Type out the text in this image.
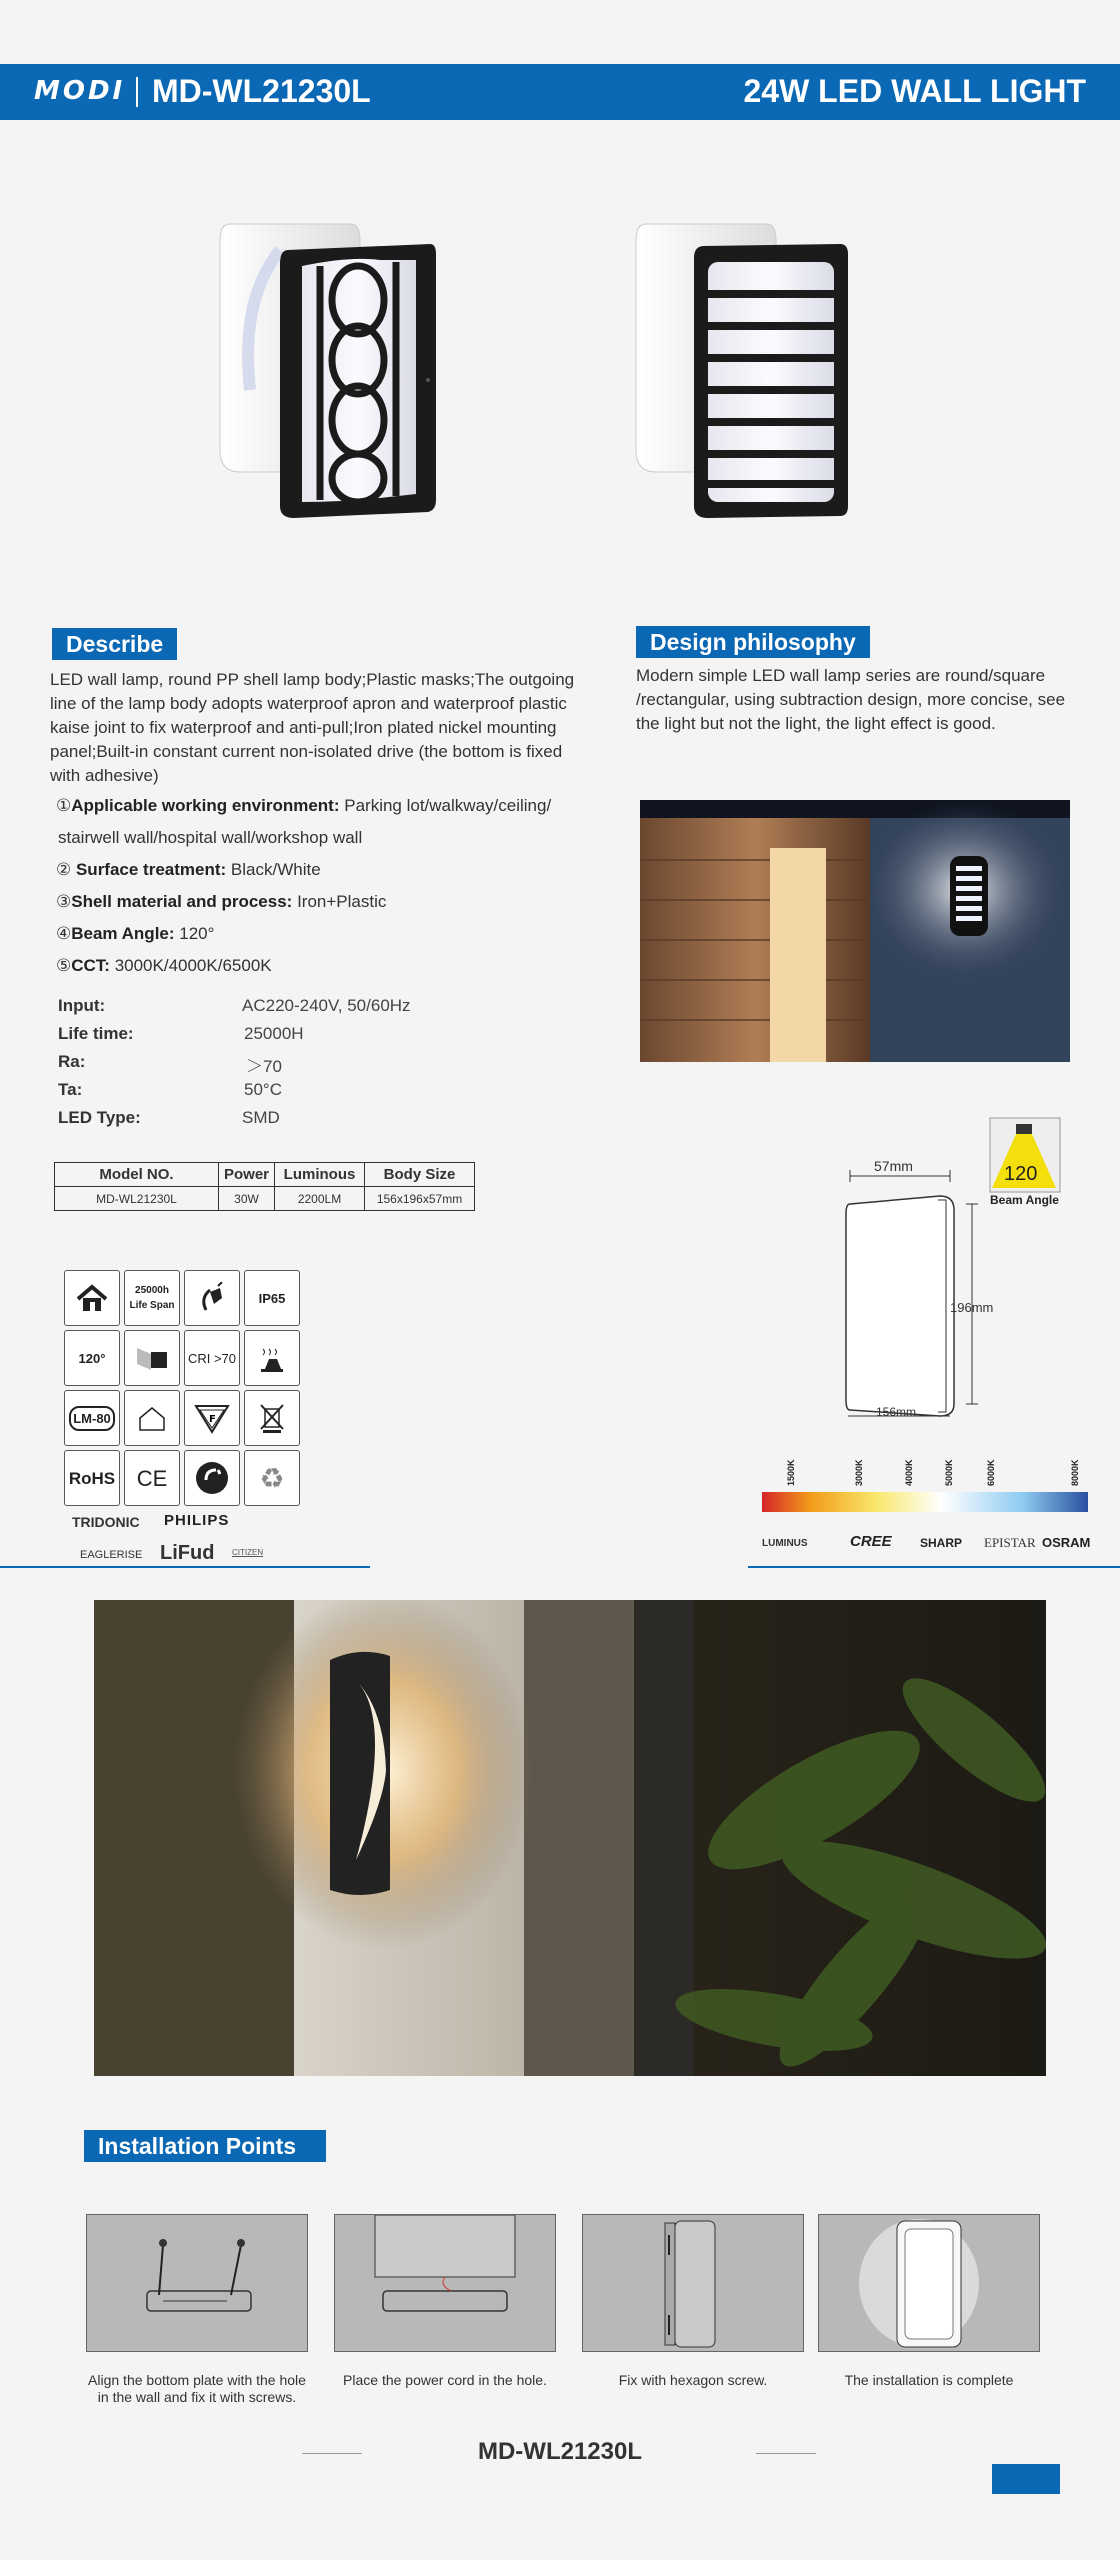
MODI MD-WL21230L	24W LED WALL LIGHT
Describe
LED wall lamp, round PP shell lamp body;Plastic masks;The outgoing line of the lamp body adopts waterproof apron and waterproof plastic kaise joint to fix waterproof and anti-pull;Iron plated nickel mounting panel;Built-in constant current non-isolated drive (the bottom is fixed with adhesive)
①Applicable working environment: Parking lot/walkway/ceiling/
stairwell wall/hospital wall/workshop wall
② Surface treatment: Black/White
③Shell material and process: Iron+Plastic
④Beam Angle: 120°
⑤CCT: 3000K/4000K/6500K
Input:	AC220-240V, 50/60Hz
Life time:	25000H
Ra:	＞70
Ta:	50°C
LED Type:	SMD
Model NO.	Power	Luminous	Body Size
MD-WL21230L	30W	2200LM	156x196x57mm
25000h Life Span	IP65
120°	CRI >70
LM-80	F
RoHS CE	♻
TRIDONIC PHILIPS
EAGLERISE LiFud CITIZEN
Design philosophy
Modern simple LED wall lamp series are round/square /rectangular, using subtraction design, more concise, see the light but not the light, the light effect is good.
120
Beam Angle
57mm
196mm
156mm
1500K	3000K	4000K	5000K	6000K	8000K
LUMINUS	CREE SHARP EPISTAR OSRAM
Installation Points
Align the bottom plate with the hole in the wall and fix it with screws.
Place the power cord in the hole.	Fix with hexagon screw.	The installation is complete
MD-WL21230L
